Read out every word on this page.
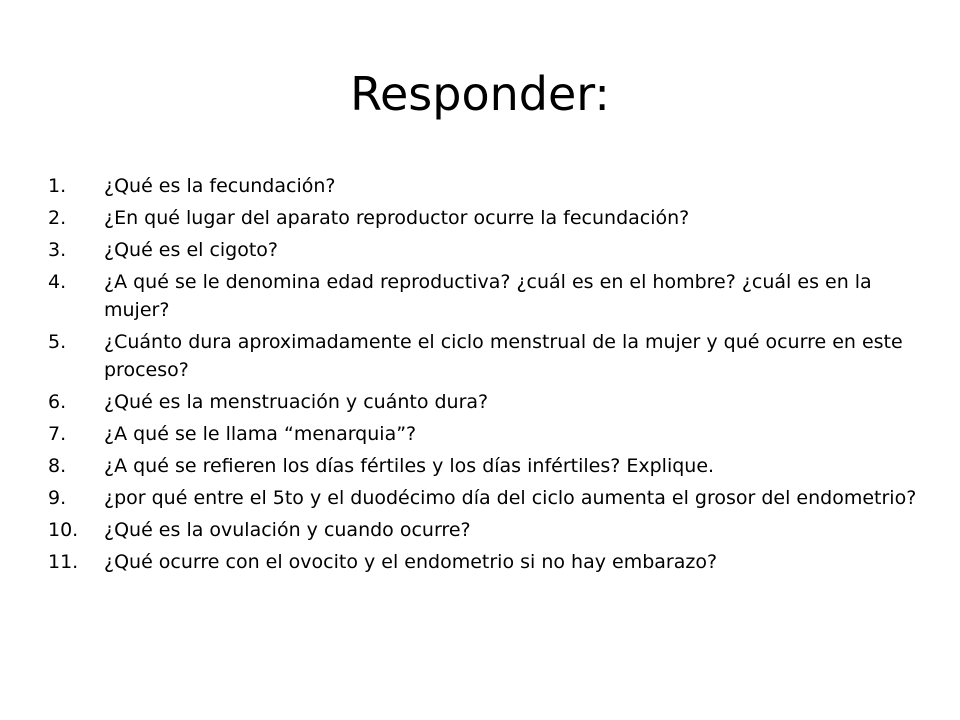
Responder:
1.	¿Qué es la fecundación?
2.	¿En qué lugar del aparato reproductor ocurre la fecundación?
3.	¿Qué es el cigoto?
4.	¿A qué se le denomina edad reproductiva? ¿cuál es en el hombre? ¿cuál es en la mujer?
5.	¿Cuánto dura aproximadamente el ciclo menstrual de la mujer y qué ocurre en este proceso?
6.	¿Qué es la menstruación y cuánto dura?
7.	¿A qué se le llama “menarquia”?
8.	¿A qué se refieren los días fértiles y los días infértiles? Explique.
9.	¿por qué entre el 5to y el duodécimo día del ciclo aumenta el grosor del endometrio?
10.	¿Qué es la ovulación y cuando ocurre?
11.	¿Qué ocurre con el ovocito y el endometrio si no hay embarazo?
